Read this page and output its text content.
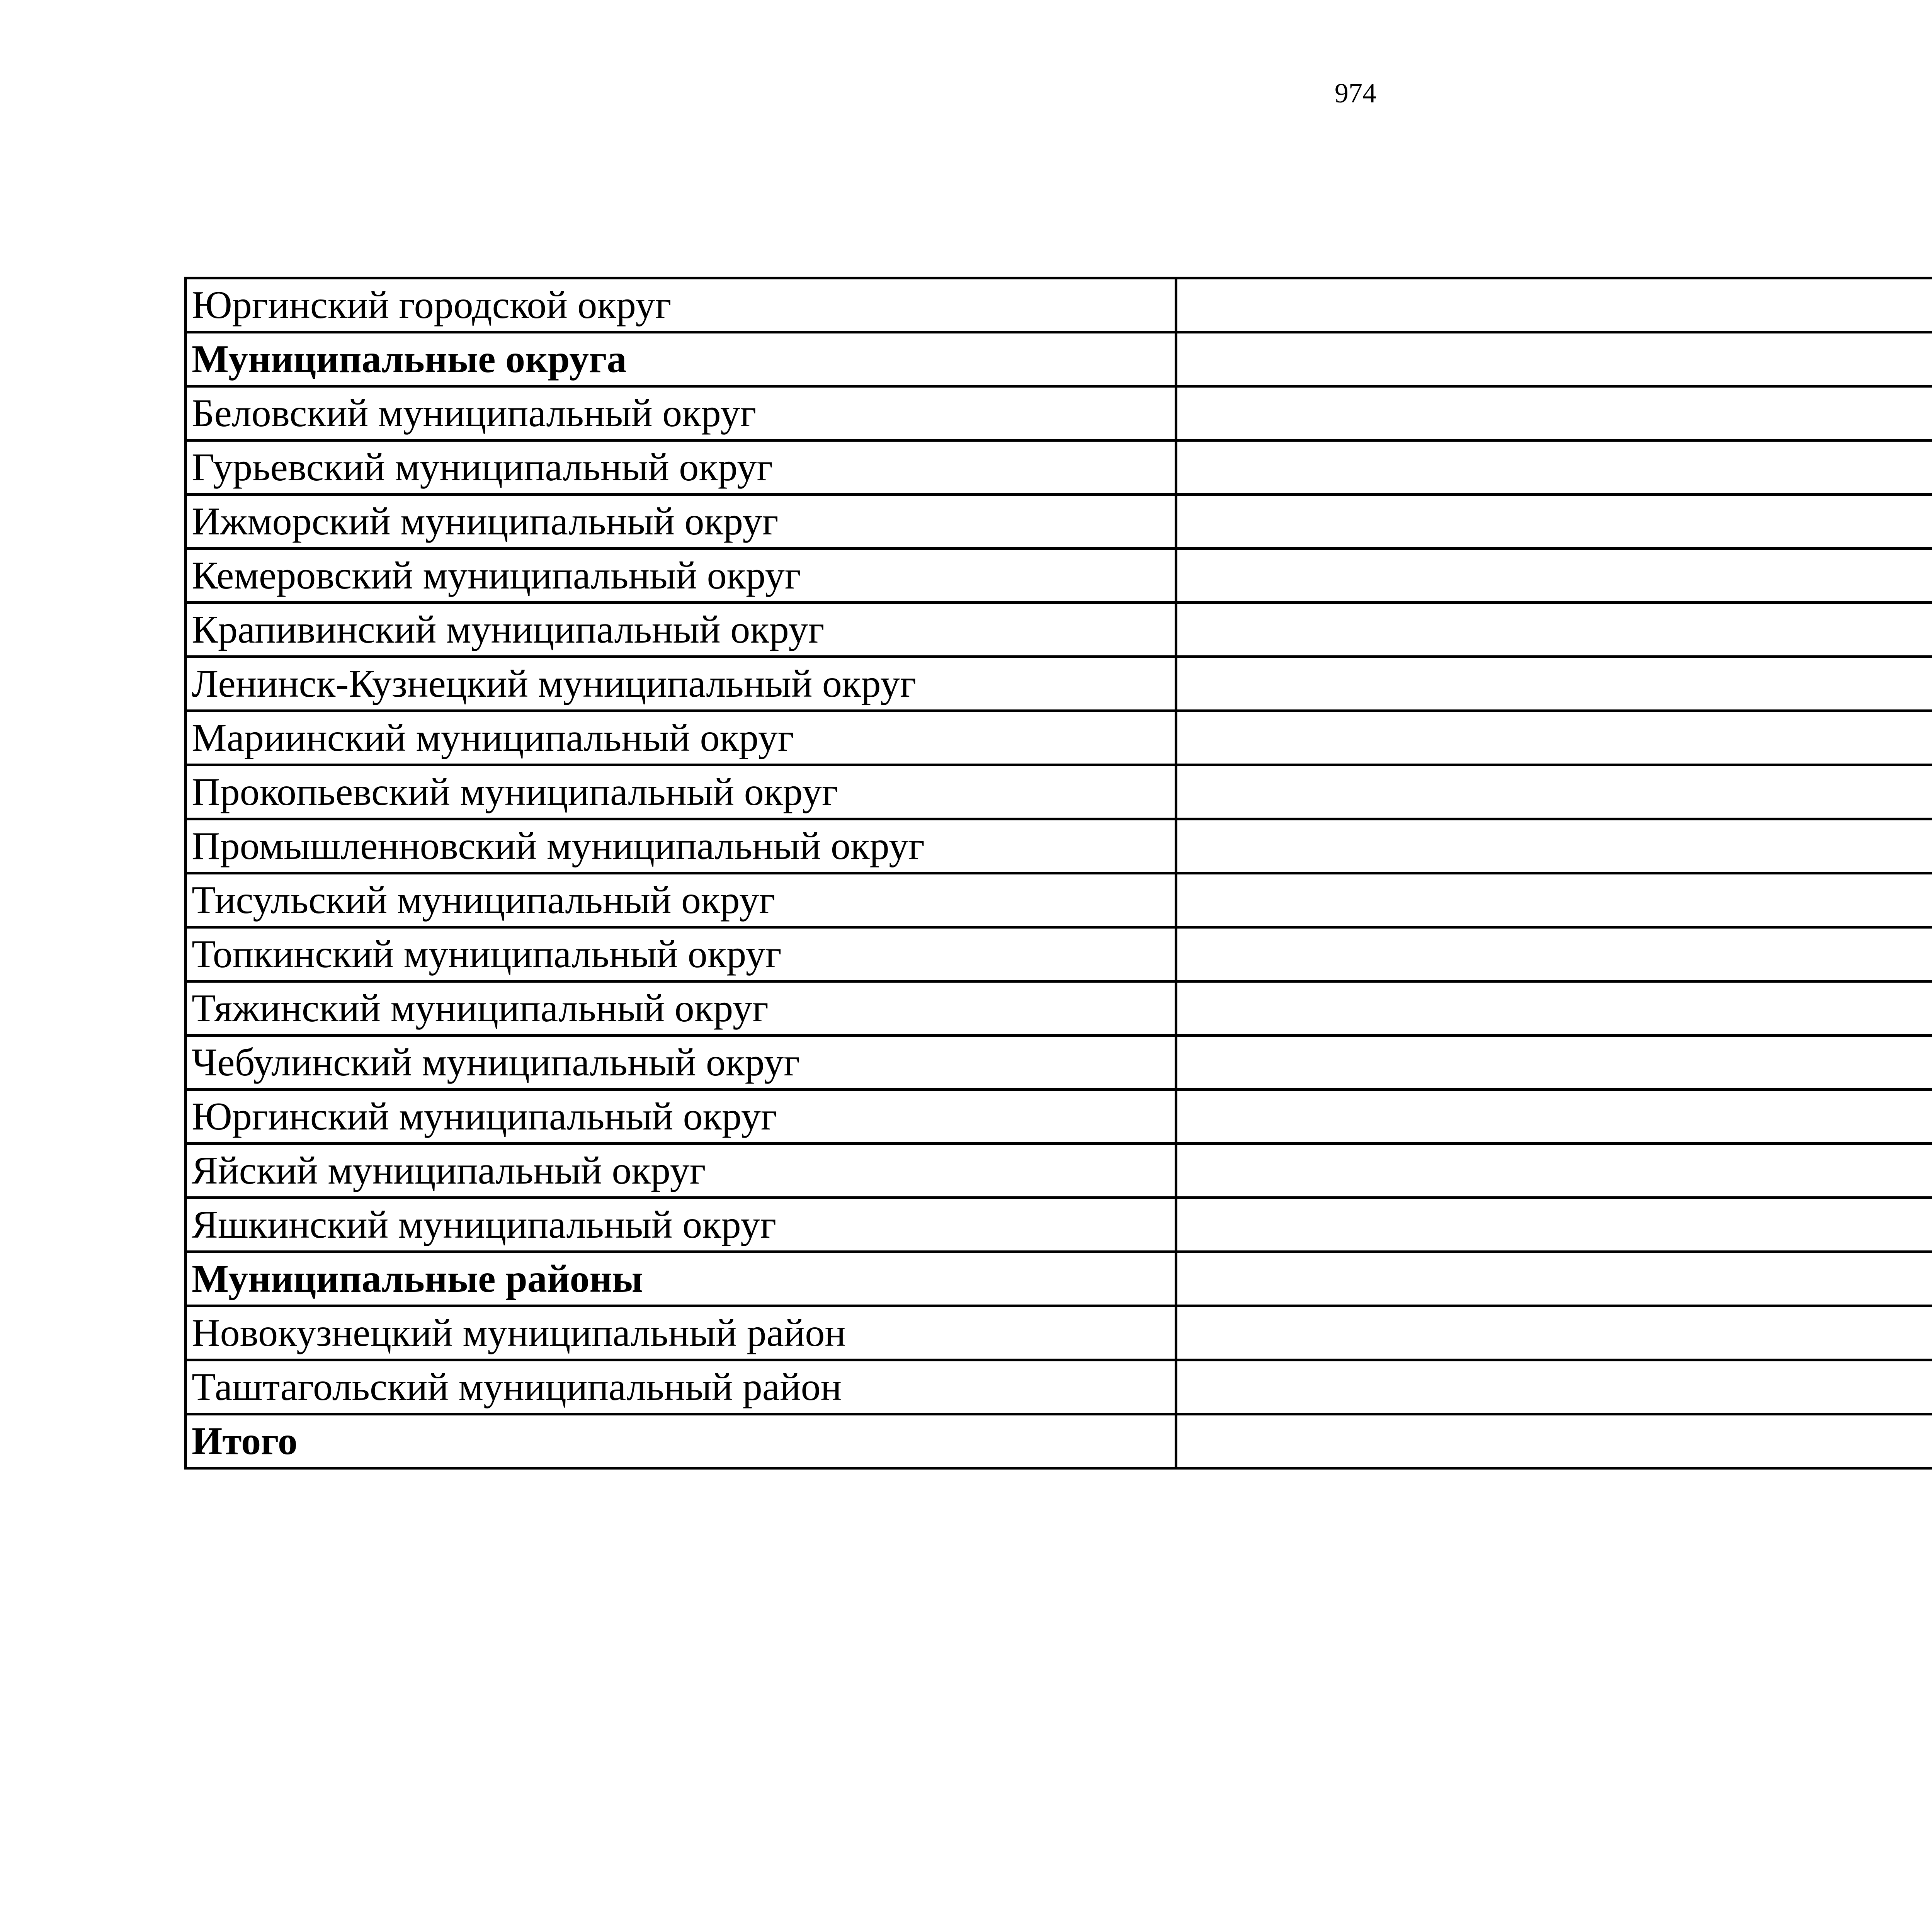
974
Юргинский городской округ	
Муниципальные округа	
Беловский муниципальный округ	
Гурьевский муниципальный округ	
Ижморский муниципальный округ	
Кемеровский муниципальный округ	
Крапивинский муниципальный округ	
Ленинск-Кузнецкий муниципальный округ	
Мариинский муниципальный округ	
Прокопьевский муниципальный округ	
Промышленновский муниципальный округ	
Тисульский муниципальный округ	
Топкинский муниципальный округ	
Тяжинский муниципальный округ	
Чебулинский муниципальный округ	
Юргинский муниципальный округ	
Яйский муниципальный округ	
Яшкинский муниципальный округ	
Муниципальные районы	
Новокузнецкий муниципальный район	
Таштагольский муниципальный район	
Итого	
